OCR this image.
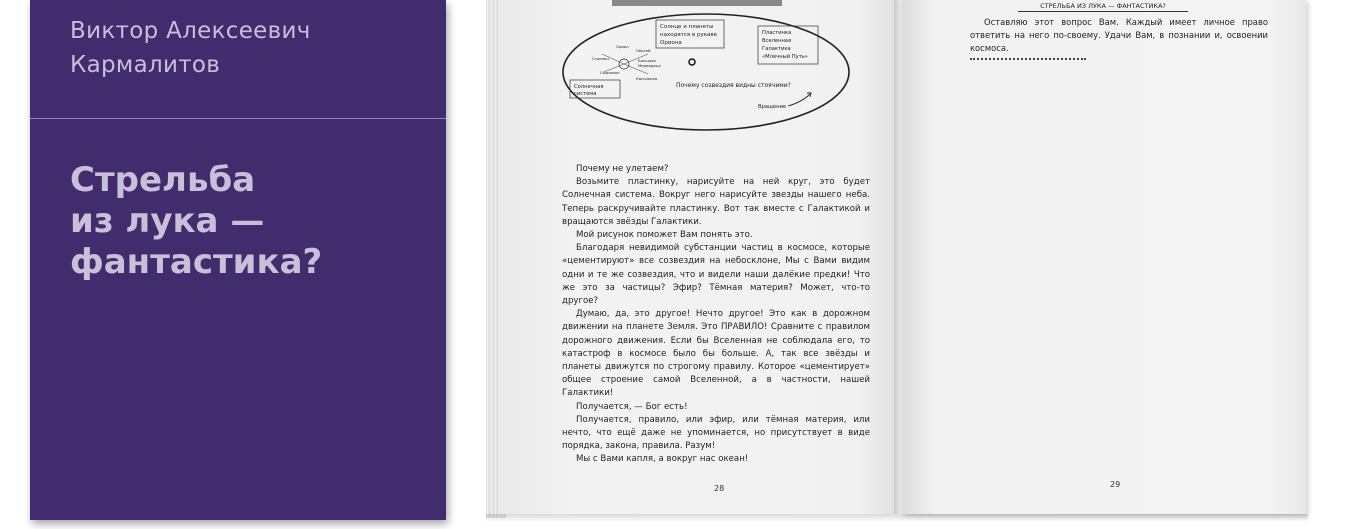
Виктор Алексеевич
Кармалитов
Стрельба
из лука —
фантастика?
Солнце и планеты
находятся в рукаве
Ориона
Пластинка
Вселенная
Галактика
«Млечный Путь»
Солнечная
система
Орион
Персей
Стрелец	Большая
Медведица
Скорпион
Кассиопея
Почему созвездия видны стоячими?
Вращение

Почему не улетаем?

Возьмите пластинку, нарисуйте на ней круг, это будет Солнечная система. Вокруг него нарисуйте звезды нашего неба. Теперь раскручивайте пластинку. Вот так вместе с Галактикой и вращаются звёзды Галактики.

Мой рисунок поможет Вам понять это.

Благодаря невидимой субстанции частиц в космосе, которые «цементируют» все созвездия на небосклоне, Мы с Вами видим одни и те же созвездия, что и видели наши далёкие предки! Что же это за частицы? Эфир? Тёмная материя? Может, что-то другое?

Думаю, да, это другое! Нечто другое! Это как в дорожном движении на планете Земля. Это ПРАВИЛО! Сравните с правилом дорожного движения. Если бы Вселенная не соблюдала его, то катастроф в космосе было бы больше. А, так все звёзды и планеты движутся по строгому правилу. Которое «цементирует» общее строение самой Вселенной, а в частности, нашей Галактики!

Получается, — Бог есть!

Получается, правило, или эфир, или тёмная материя, или нечто, что ещё даже не упоминается, но присутствует в виде порядка, закона, правила. Разум!

Мы с Вами капля, а вокруг нас океан!

28
СТРЕЛЬБА ИЗ ЛУКА — ФАНТАСТИКА?

Оставляю этот вопрос Вам. Каждый имеет личное право ответить на него по-своему. Удачи Вам, в познании и, освоении космоса.

29
